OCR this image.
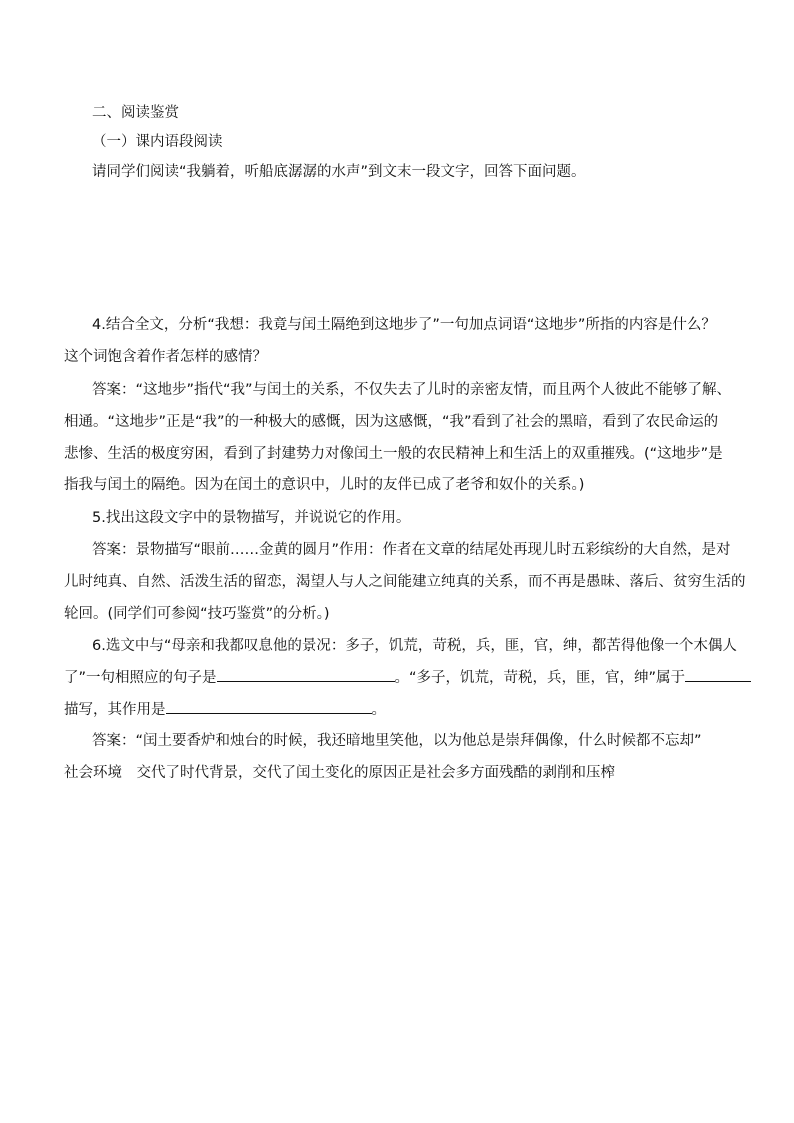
二、阅读鉴赏

（一）课内语段阅读

请同学们阅读“我躺着，听船底潺潺的水声”到文末一段文字，回答下面问题。

4.结合全文，分析“我想：我竟与闰土隔绝到这地步了”一句加点词语“这地步”所指的内容是什么？

这个词饱含着作者怎样的感情？

答案：“这地步”指代“我”与闰土的关系，不仅失去了儿时的亲密友情，而且两个人彼此不能够了解、

相通。“这地步”正是“我”的一种极大的感慨，因为这感慨，“我”看到了社会的黑暗，看到了农民命运的

悲惨、生活的极度穷困，看到了封建势力对像闰土一般的农民精神上和生活上的双重摧残。(“这地步”是

指我与闰土的隔绝。因为在闰土的意识中，儿时的友伴已成了老爷和奴仆的关系。)

5.找出这段文字中的景物描写，并说说它的作用。

答案：景物描写“眼前……金黄的圆月”作用：作者在文章的结尾处再现儿时五彩缤纷的大自然，是对

儿时纯真、自然、活泼生活的留恋，渴望人与人之间能建立纯真的关系，而不再是愚昧、落后、贫穷生活的

轮回。(同学们可参阅“技巧鉴赏”的分析。)

6.选文中与“母亲和我都叹息他的景况：多子，饥荒，苛税，兵，匪，官，绅，都苦得他像一个木偶人

了”一句相照应的句子是	。“多子，饥荒，苛税，兵，匪，官，绅”属于

描写，其作用是	。

答案：“闰土要香炉和烛台的时候，我还暗地里笑他，以为他总是崇拜偶像，什么时候都不忘却”

社会环境　交代了时代背景，交代了闰土变化的原因正是社会多方面残酷的剥削和压榨
